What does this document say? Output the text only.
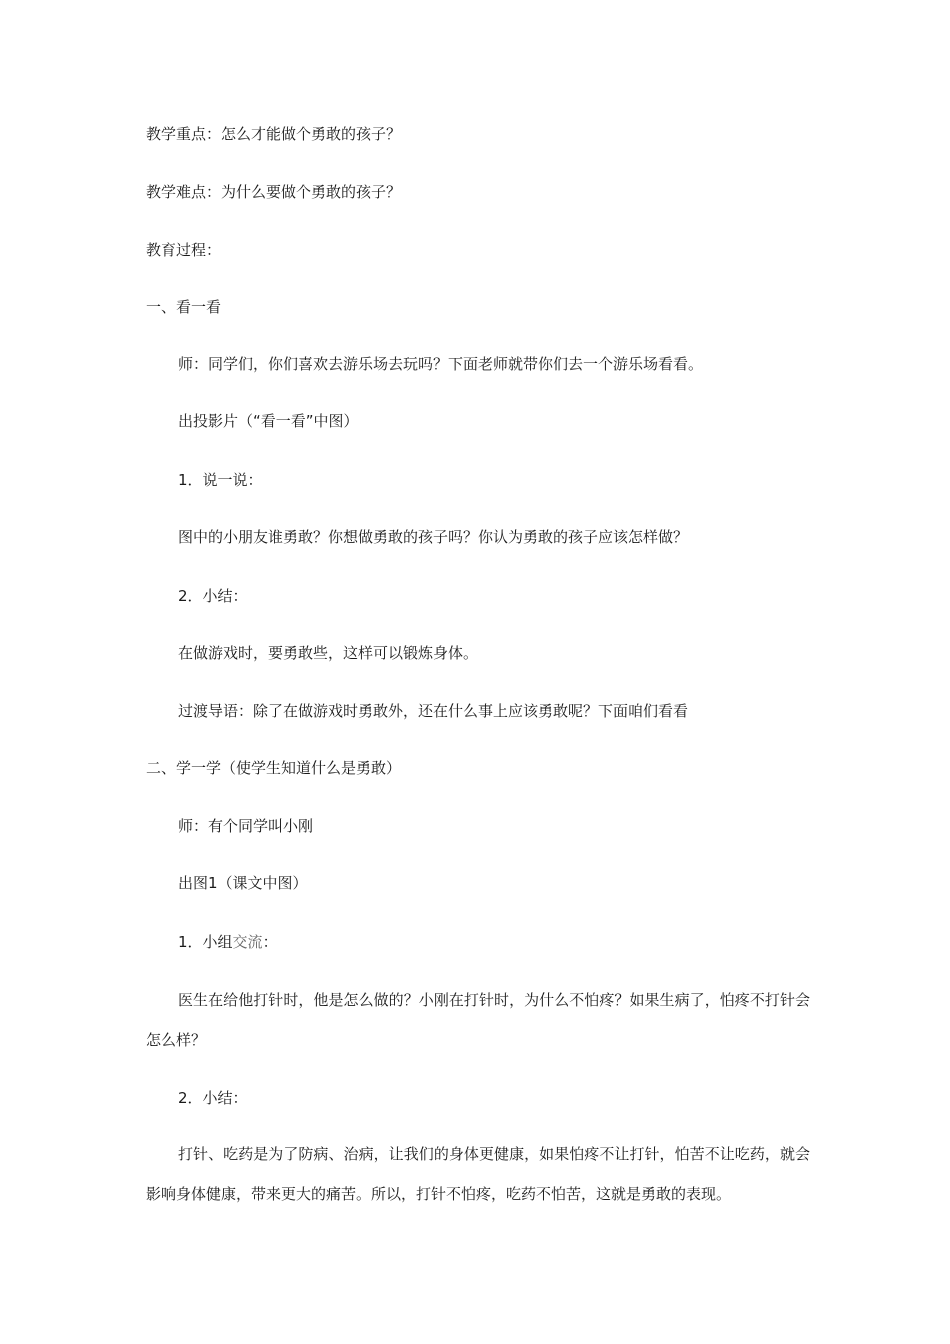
教学重点：怎么才能做个勇敢的孩子？
教学难点：为什么要做个勇敢的孩子？
教育过程：
一、看一看
师：同学们，你们喜欢去游乐场去玩吗？下面老师就带你们去一个游乐场看看。
出投影片（“看一看”中图）
1．说一说：
图中的小朋友谁勇敢？你想做勇敢的孩子吗？你认为勇敢的孩子应该怎样做？
2．小结：
在做游戏时，要勇敢些，这样可以锻炼身体。
过渡导语：除了在做游戏时勇敢外，还在什么事上应该勇敢呢？下面咱们看看
二、学一学（使学生知道什么是勇敢）
师：有个同学叫小刚
出图1（课文中图）
1．小组交流：
医生在给他打针时，他是怎么做的？小刚在打针时，为什么不怕疼？如果生病了，怕疼不打针会怎么样？
2．小结：
打针、吃药是为了防病、治病，让我们的身体更健康，如果怕疼不让打针，怕苦不让吃药，就会影响身体健康，带来更大的痛苦。所以，打针不怕疼，吃药不怕苦，这就是勇敢的表现。
